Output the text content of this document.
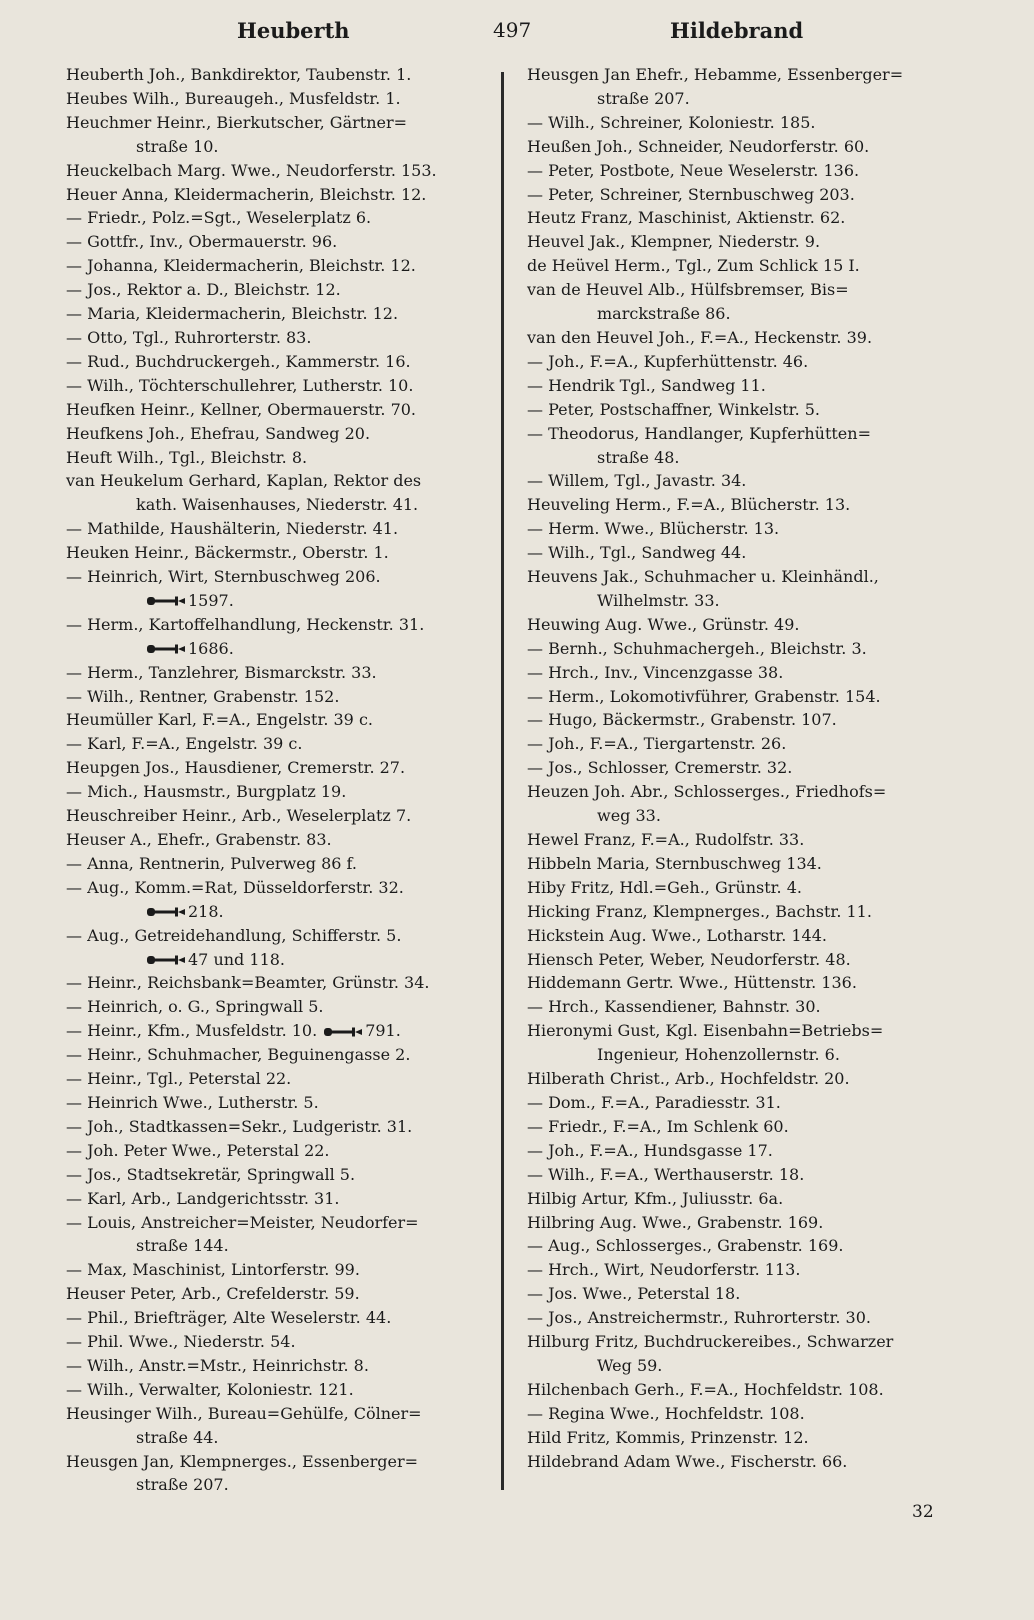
Heuberth	497	Hildebrand
Heuberth Joh., Bankdirektor, Taubenstr. 1.
Heubes Wilh., Bureaugeh., Musfeldstr. 1.
Heuchmer Heinr., Bierkutscher, Gärtner=
straße 10.
Heuckelbach Marg. Wwe., Neudorferstr. 153.
Heuer Anna, Kleidermacherin, Bleichstr. 12.
— Friedr., Polz.=Sgt., Weselerplatz 6.
— Gottfr., Inv., Obermauerstr. 96.
— Johanna, Kleidermacherin, Bleichstr. 12.
— Jos., Rektor a. D., Bleichstr. 12.
— Maria, Kleidermacherin, Bleichstr. 12.
— Otto, Tgl., Ruhrorterstr. 83.
— Rud., Buchdruckergeh., Kammerstr. 16.
— Wilh., Töchterschullehrer, Lutherstr. 10.
Heufken Heinr., Kellner, Obermauerstr. 70.
Heufkens Joh., Ehefrau, Sandweg 20.
Heuft Wilh., Tgl., Bleichstr. 8.
van Heukelum Gerhard, Kaplan, Rektor des
kath. Waisenhauses, Niederstr. 41.
— Mathilde, Haushälterin, Niederstr. 41.
Heuken Heinr., Bäckermstr., Oberstr. 1.
— Heinrich, Wirt, Sternbuschweg 206.
1597.
— Herm., Kartoffelhandlung, Heckenstr. 31.
1686.
— Herm., Tanzlehrer, Bismarckstr. 33.
— Wilh., Rentner, Grabenstr. 152.
Heumüller Karl, F.=A., Engelstr. 39 c.
— Karl, F.=A., Engelstr. 39 c.
Heupgen Jos., Hausdiener, Cremerstr. 27.
— Mich., Hausmstr., Burgplatz 19.
Heuschreiber Heinr., Arb., Weselerplatz 7.
Heuser A., Ehefr., Grabenstr. 83.
— Anna, Rentnerin, Pulverweg 86 f.
— Aug., Komm.=Rat, Düsseldorferstr. 32.
218.
— Aug., Getreidehandlung, Schifferstr. 5.
47 und 118.
— Heinr., Reichsbank=Beamter, Grünstr. 34.
— Heinrich, o. G., Springwall 5.
— Heinr., Kfm., Musfeldstr. 10.	791.
— Heinr., Schuhmacher, Beguinengasse 2.
— Heinr., Tgl., Peterstal 22.
— Heinrich Wwe., Lutherstr. 5.
— Joh., Stadtkassen=Sekr., Ludgeristr. 31.
— Joh. Peter Wwe., Peterstal 22.
— Jos., Stadtsekretär, Springwall 5.
— Karl, Arb., Landgerichtsstr. 31.
— Louis, Anstreicher=Meister, Neudorfer=
straße 144.
— Max, Maschinist, Lintorferstr. 99.
Heuser Peter, Arb., Crefelderstr. 59.
— Phil., Briefträger, Alte Weselerstr. 44.
— Phil. Wwe., Niederstr. 54.
— Wilh., Anstr.=Mstr., Heinrichstr. 8.
— Wilh., Verwalter, Koloniestr. 121.
Heusinger Wilh., Bureau=Gehülfe, Cölner=
straße 44.
Heusgen Jan, Klempnerges., Essenberger=
straße 207.
Heusgen Jan Ehefr., Hebamme, Essenberger=
straße 207.
— Wilh., Schreiner, Koloniestr. 185.
Heußen Joh., Schneider, Neudorferstr. 60.
— Peter, Postbote, Neue Weselerstr. 136.
— Peter, Schreiner, Sternbuschweg 203.
Heutz Franz, Maschinist, Aktienstr. 62.
Heuvel Jak., Klempner, Niederstr. 9.
de Heüvel Herm., Tgl., Zum Schlick 15 I.
van de Heuvel Alb., Hülfsbremser, Bis=
marckstraße 86.
van den Heuvel Joh., F.=A., Heckenstr. 39.
— Joh., F.=A., Kupferhüttenstr. 46.
— Hendrik Tgl., Sandweg 11.
— Peter, Postschaffner, Winkelstr. 5.
— Theodorus, Handlanger, Kupferhütten=
straße 48.
— Willem, Tgl., Javastr. 34.
Heuveling Herm., F.=A., Blücherstr. 13.
— Herm. Wwe., Blücherstr. 13.
— Wilh., Tgl., Sandweg 44.
Heuvens Jak., Schuhmacher u. Kleinhändl.,
Wilhelmstr. 33.
Heuwing Aug. Wwe., Grünstr. 49.
— Bernh., Schuhmachergeh., Bleichstr. 3.
— Hrch., Inv., Vincenzgasse 38.
— Herm., Lokomotivführer, Grabenstr. 154.
— Hugo, Bäckermstr., Grabenstr. 107.
— Joh., F.=A., Tiergartenstr. 26.
— Jos., Schlosser, Cremerstr. 32.
Heuzen Joh. Abr., Schlosserges., Friedhofs=
weg 33.
Hewel Franz, F.=A., Rudolfstr. 33.
Hibbeln Maria, Sternbuschweg 134.
Hiby Fritz, Hdl.=Geh., Grünstr. 4.
Hicking Franz, Klempnerges., Bachstr. 11.
Hickstein Aug. Wwe., Lotharstr. 144.
Hiensch Peter, Weber, Neudorferstr. 48.
Hiddemann Gertr. Wwe., Hüttenstr. 136.
— Hrch., Kassendiener, Bahnstr. 30.
Hieronymi Gust, Kgl. Eisenbahn=Betriebs=
Ingenieur, Hohenzollernstr. 6.
Hilberath Christ., Arb., Hochfeldstr. 20.
— Dom., F.=A., Paradiesstr. 31.
— Friedr., F.=A., Im Schlenk 60.
— Joh., F.=A., Hundsgasse 17.
— Wilh., F.=A., Werthauserstr. 18.
Hilbig Artur, Kfm., Juliusstr. 6a.
Hilbring Aug. Wwe., Grabenstr. 169.
— Aug., Schlosserges., Grabenstr. 169.
— Hrch., Wirt, Neudorferstr. 113.
— Jos. Wwe., Peterstal 18.
— Jos., Anstreichermstr., Ruhrorterstr. 30.
Hilburg Fritz, Buchdruckereibes., Schwarzer
Weg 59.
Hilchenbach Gerh., F.=A., Hochfeldstr. 108.
— Regina Wwe., Hochfeldstr. 108.
Hild Fritz, Kommis, Prinzenstr. 12.
Hildebrand Adam Wwe., Fischerstr. 66.
32
